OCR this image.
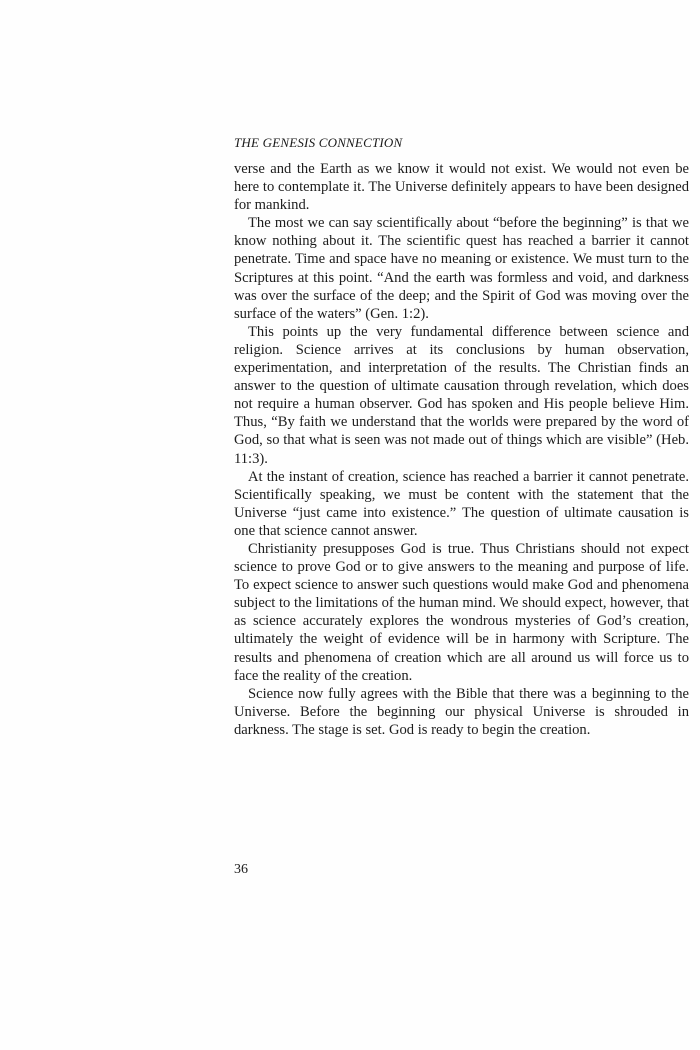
THE GENESIS CONNECTION

verse and the Earth as we know it would not exist. We would not even be here to contemplate it. The Universe definitely appears to have been designed for mankind.

The most we can say scientifically about “before the beginning” is that we know nothing about it. The scientific quest has reached a barrier it cannot penetrate. Time and space have no meaning or existence. We must turn to the Scriptures at this point. “And the earth was formless and void, and darkness was over the surface of the deep; and the Spirit of God was moving over the surface of the waters” (Gen. 1:2).

This points up the very fundamental difference between science and religion. Science arrives at its conclusions by human observation, experimentation, and interpretation of the results. The Christian finds an answer to the question of ultimate causation through revelation, which does not require a human observer. God has spoken and His people believe Him. Thus, “By faith we understand that the worlds were prepared by the word of God, so that what is seen was not made out of things which are visible” (Heb. 11:3).

At the instant of creation, science has reached a barrier it cannot penetrate. Scientifically speaking, we must be content with the statement that the Universe “just came into existence.” The question of ultimate causation is one that science cannot answer.

Christianity presupposes God is true. Thus Christians should not expect science to prove God or to give answers to the meaning and purpose of life. To expect science to answer such questions would make God and phenomena subject to the limitations of the human mind. We should expect, however, that as science accurately explores the wondrous mysteries of God’s creation, ultimately the weight of evidence will be in harmony with Scripture. The results and phenomena of creation which are all around us will force us to face the reality of the creation.

Science now fully agrees with the Bible that there was a beginning to the Universe. Before the beginning our physical Universe is shrouded in darkness. The stage is set. God is ready to begin the creation.

36
